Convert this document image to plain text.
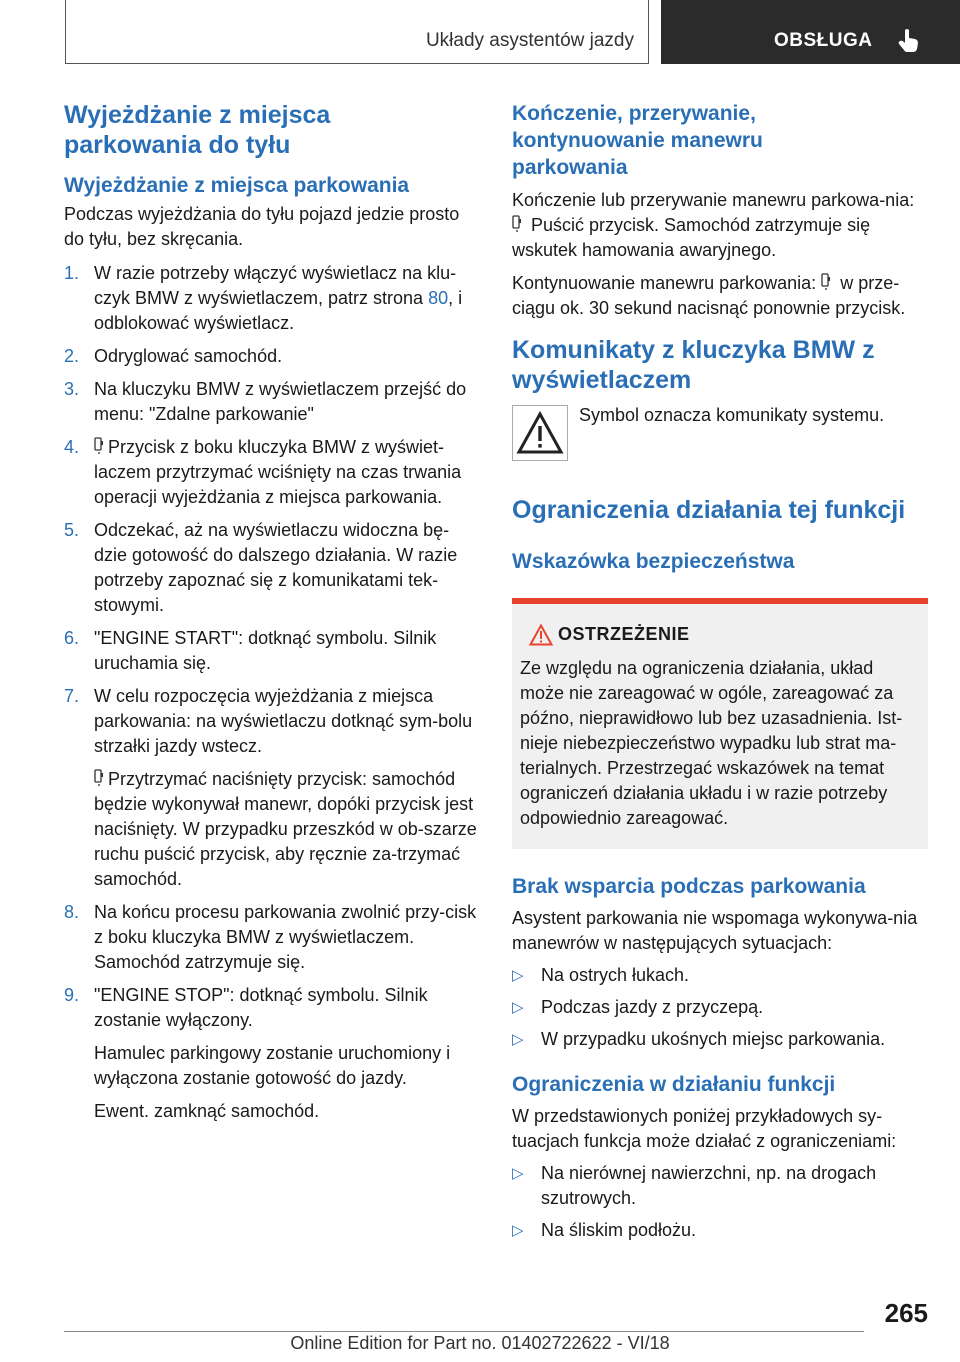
Układy asystentów jazdy	OBSŁUGA
Wyjeżdżanie z miejsca parkowania do tyłu
Wyjeżdżanie z miejsca parkowania

Podczas wyjeżdżania do tyłu pojazd jedzie prosto do tyłu, bez skręcania.

1. W razie potrzeby włączyć wyświetlacz na klu-czyk BMW z wyświetlaczem, patrz strona 80, i odblokować wyświetlacz.
2. Odryglować samochód.
3. Na kluczyku BMW z wyświetlaczem przejść do menu: "Zdalne parkowanie"
4. Przycisk z boku kluczyka BMW z wyświet-laczem przytrzymać wciśnięty na czas trwania operacji wyjeżdżania z miejsca parkowania.
5. Odczekać, aż na wyświetlaczu widoczna bę-dzie gotowość do dalszego działania. W razie potrzeby zapoznać się z komunikatami tek-stowymi.
6. "ENGINE START": dotknąć symbolu. Silnik uruchamia się.
7. W celu rozpoczęcia wyjeżdżania z miejsca parkowania: na wyświetlaczu dotknąć sym-bolu strzałki jazdy wstecz.
Przytrzymać naciśnięty przycisk: samochód będzie wykonywał manewr, dopóki przycisk jest naciśnięty. W przypadku przeszkód w ob-szarze ruchu puścić przycisk, aby ręcznie za-trzymać samochód.
8. Na końcu procesu parkowania zwolnić przy-cisk z boku kluczyka BMW z wyświetlaczem. Samochód zatrzymuje się.
9. "ENGINE STOP": dotknąć symbolu. Silnik zostanie wyłączony.
Hamulec parkingowy zostanie uruchomiony i wyłączona zostanie gotowość do jazdy.
Ewent. zamknąć samochód.
Kończenie, przerywanie, kontynuowanie manewru parkowania

Kończenie lub przerywanie manewru parkowa-nia:  Puścić przycisk. Samochód zatrzymuje się wskutek hamowania awaryjnego.

Kontynuowanie manewru parkowania:  w prze-ciągu ok. 30 sekund nacisnąć ponownie przycisk.

Komunikaty z kluczyka BMW z wyświetlaczem
Symbol oznacza komunikaty systemu.
Ograniczenia działania tej funkcji
Wskazówka bezpieczeństwa
OSTRZEŻENIE

Ze względu na ograniczenia działania, układ może nie zareagować w ogóle, zareagować za późno, nieprawidłowo lub bez uzasadnienia. Ist-nieje niebezpieczeństwo wypadku lub strat ma-terialnych. Przestrzegać wskazówek na temat ograniczeń działania układu i w razie potrzeby odpowiednio zareagować.

Brak wsparcia podczas parkowania

Asystent parkowania nie wspomaga wykonywa-nia manewrów w następujących sytuacjach:

▷ Na ostrych łukach.
▷ Podczas jazdy z przyczepą.
▷ W przypadku ukośnych miejsc parkowania.
Ograniczenia w działaniu funkcji

W przedstawionych poniżej przykładowych sy-tuacjach funkcja może działać z ograniczeniami:

▷ Na nierównej nawierzchni, np. na drogach szutrowych.
▷ Na śliskim podłożu.
265
Online Edition for Part no. 01402722622 - VI/18
